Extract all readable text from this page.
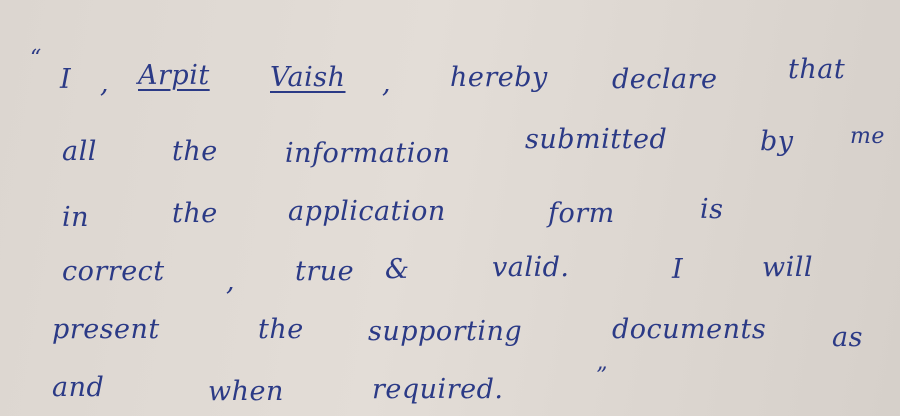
“
I , Arpit Vaish , hereby declare	that
all	the information	submitted	by	me
in	the	application	form	is
correct , true &	valid.	I	will
present	the supporting	documents as
and	when	required.	”
